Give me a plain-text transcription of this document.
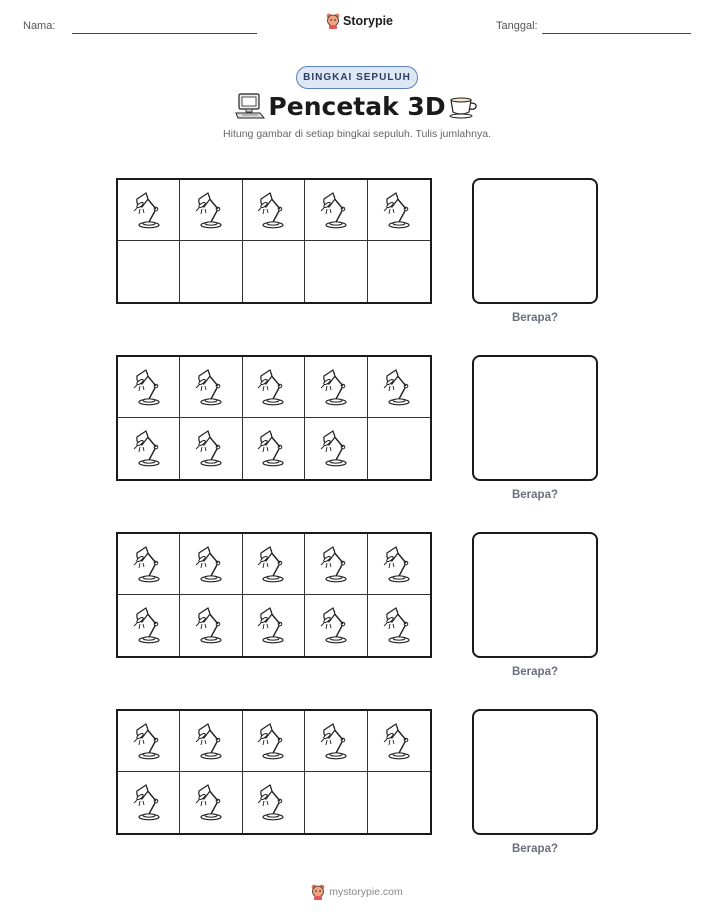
Nama:	Storypie	Tanggal:
BINGKAI SEPULUH
Pencetak 3D
Hitung gambar di setiap bingkai sepuluh. Tulis jumlahnya.
Berapa?
Berapa?
Berapa?
Berapa?
mystorypie.com
